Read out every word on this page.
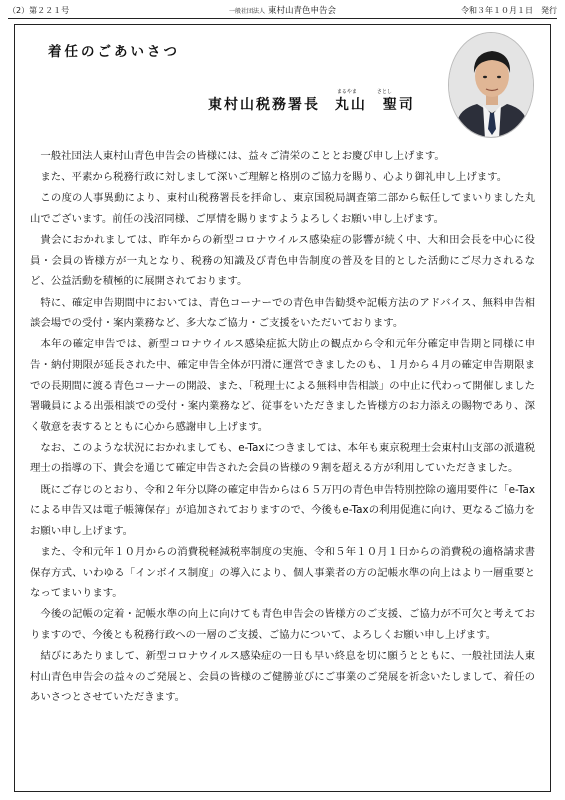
（2）第２２１号	一般社団法人 東村山青色申告会	令和３年１０月１日　発行
着任のごあいさつ
東村山税務署長
まるやま	さとし
丸山　聖司

一般社団法人東村山青色申告会の皆様には、益々ご清栄のこととお慶び申し上げます。

また、平素から税務行政に対しまして深いご理解と格別のご協力を賜り、心より御礼申し上げます。

この度の人事異動により、東村山税務署長を拝命し、東京国税局調査第二部から転任してまいりました丸山でございます。前任の浅沼同様、ご厚情を賜りますようよろしくお願い申し上げます。

貴会におかれましては、昨年からの新型コロナウイルス感染症の影響が続く中、大和田会長を中心に役員・会員の皆様方が一丸となり、税務の知識及び青色申告制度の普及を目的とした活動にご尽力されるなど、公益活動を積極的に展開されております。

特に、確定申告期間中においては、青色コーナーでの青色申告勧奨や記帳方法のアドバイス、無料申告相談会場での受付・案内業務など、多大なご協力・ご支援をいただいております。

本年の確定申告では、新型コロナウイルス感染症拡大防止の観点から令和元年分確定申告期と同様に申告・納付期限が延長された中、確定申告全体が円滑に運営できましたのも、１月から４月の確定申告期限までの長期間に渡る青色コーナーの開設、また、「税理士による無料申告相談」の中止に代わって開催しました署職員による出張相談での受付・案内業務など、従事をいただきました皆様方のお力添えの賜物であり、深く敬意を表するとともに心から感謝申し上げます。

なお、このような状況におかれましても、e-Taxにつきましては、本年も東京税理士会東村山支部の派遣税理士の指導の下、貴会を通じて確定申告された会員の皆様の９割を超える方が利用していただきました。

既にご存じのとおり、令和２年分以降の確定申告からは６５万円の青色申告特別控除の適用要件に「e-Tax による申告又は電子帳簿保存」が追加されておりますので、今後もe-Taxの利用促進に向け、更なるご協力をお願い申し上げます。

また、令和元年１０月からの消費税軽減税率制度の実施、令和５年１０月１日からの消費税の適格請求書保存方式、いわゆる「インボイス制度」の導入により、個人事業者の方の記帳水準の向上はより一層重要となってまいります。

今後の記帳の定着・記帳水準の向上に向けても青色申告会の皆様方のご支援、ご協力が不可欠と考えておりますので、今後とも税務行政への一層のご支援、ご協力について、よろしくお願い申し上げます。

結びにあたりまして、新型コロナウイルス感染症の一日も早い終息を切に願うとともに、一般社団法人東村山青色申告会の益々のご発展と、会員の皆様のご健勝並びにご事業のご発展を祈念いたしまして、着任のあいさつとさせていただきます。
